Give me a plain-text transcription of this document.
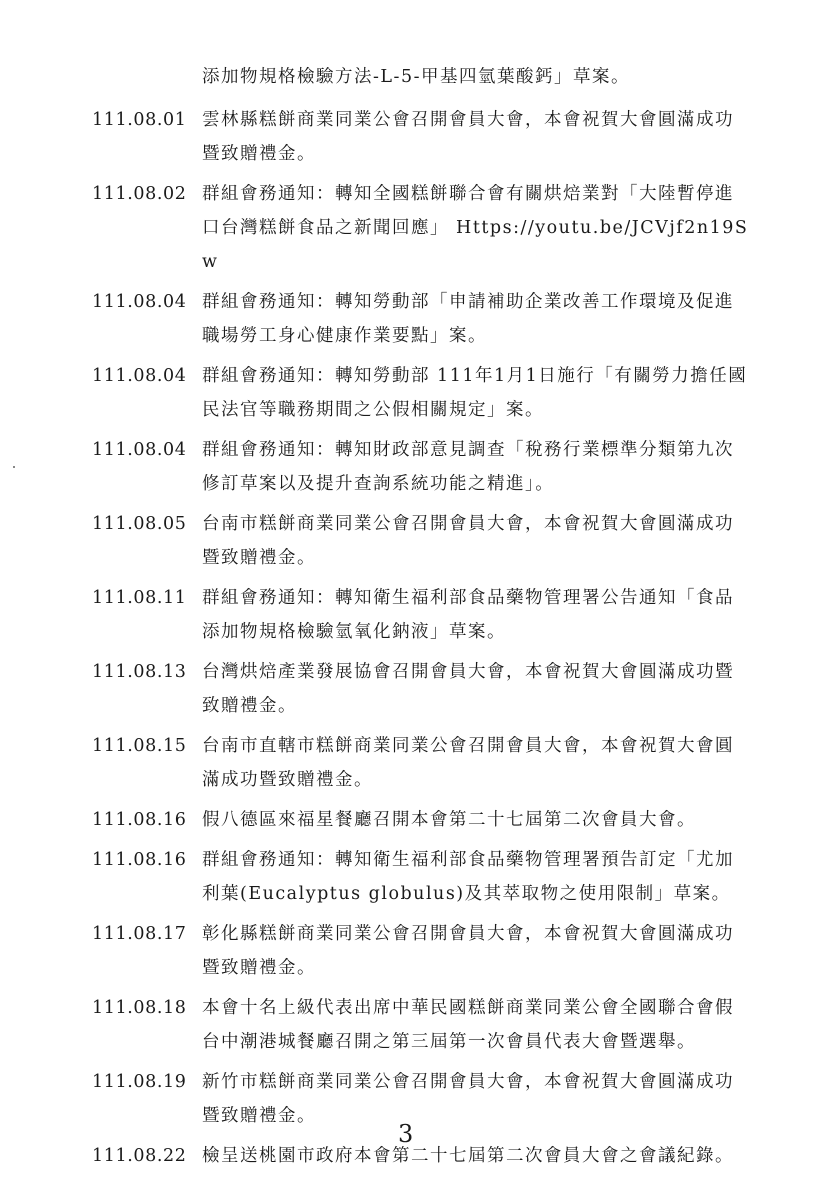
添加物規格檢驗方法-L-5-甲基四氫葉酸鈣」草案。
111.08.01 雲林縣糕餅商業同業公會召開會員大會，本會祝賀大會圓滿成功暨致贈禮金。
111.08.02 群組會務通知：轉知全國糕餅聯合會有關烘焙業對「大陸暫停進口台灣糕餅食品之新聞回應」 Https://youtu.be/JCVjf2n19Sw
111.08.04 群組會務通知：轉知勞動部「申請補助企業改善工作環境及促進職場勞工身心健康作業要點」案。
111.08.04 群組會務通知：轉知勞動部 111年1月1日施行「有關勞力擔任國民法官等職務期間之公假相關規定」案。
111.08.04 群組會務通知：轉知財政部意見調查「稅務行業標準分類第九次修訂草案以及提升查詢系統功能之精進」。
111.08.05 台南市糕餅商業同業公會召開會員大會，本會祝賀大會圓滿成功暨致贈禮金。
111.08.11 群組會務通知：轉知衛生福利部食品藥物管理署公告通知「食品添加物規格檢驗氫氧化鈉液」草案。
111.08.13 台灣烘焙產業發展協會召開會員大會，本會祝賀大會圓滿成功暨致贈禮金。
111.08.15 台南市直轄市糕餅商業同業公會召開會員大會，本會祝賀大會圓滿成功暨致贈禮金。
111.08.16 假八德區來福星餐廳召開本會第二十七屆第二次會員大會。
111.08.16 群組會務通知：轉知衛生福利部食品藥物管理署預告訂定「尤加利葉(Eucalyptus globulus)及其萃取物之使用限制」草案。
111.08.17 彰化縣糕餅商業同業公會召開會員大會，本會祝賀大會圓滿成功暨致贈禮金。
111.08.18 本會十名上級代表出席中華民國糕餅商業同業公會全國聯合會假台中潮港城餐廳召開之第三屆第一次會員代表大會暨選舉。
111.08.19 新竹市糕餅商業同業公會召開會員大會，本會祝賀大會圓滿成功暨致贈禮金。
111.08.22 檢呈送桃園市政府本會第二十七屆第二次會員大會之會議紀錄。
3
